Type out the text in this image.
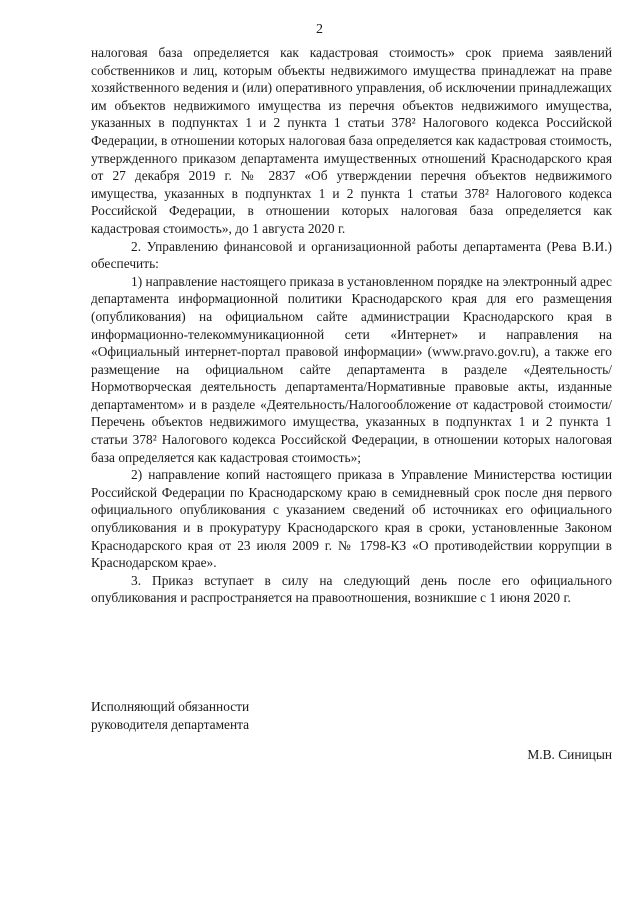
2

налоговая база определяется как кадастровая стоимость» срок приема заявлений собственников и лиц, которым объекты недвижимого имущества принадлежат на праве хозяйственного ведения и (или) оперативного управления, об исключении принадлежащих им объектов недвижимого имущества из перечня объектов недвижимого имущества, указанных в подпунктах 1 и 2 пункта 1 статьи 378² Налогового кодекса Российской Федерации, в отношении которых налоговая база определяется как кадастровая стоимость, утвержденного приказом департамента имущественных отношений Краснодарского края от 27 декабря 2019 г. № 2837 «Об утверждении перечня объектов недвижимого имущества, указанных в подпунктах 1 и 2 пункта 1 статьи 378² Налогового кодекса Российской Федерации, в отношении которых налоговая база определяется как кадастровая стоимость», до 1 августа 2020 г.

2. Управлению финансовой и организационной работы департамента (Рева В.И.) обеспечить:

1) направление настоящего приказа в установленном порядке на электронный адрес департамента информационной политики Краснодарского края для его размещения (опубликования) на официальном сайте администрации Краснодарского края в информационно-телекоммуникационной сети «Интернет» и направления на «Официальный интернет-портал правовой информации» (www.pravo.gov.ru), а также его размещение на официальном сайте департамента в разделе «Деятельность/Нормотворческая деятельность департамента/Нормативные правовые акты, изданные департаментом» и в разделе «Деятельность/Налогообложение от кадастровой стоимости/Перечень объектов недвижимого имущества, указанных в подпунктах 1 и 2 пункта 1 статьи 378² Налогового кодекса Российской Федерации, в отношении которых налоговая база определяется как кадастровая стоимость»;

2) направление копий настоящего приказа в Управление Министерства юстиции Российской Федерации по Краснодарскому краю в семидневный срок после дня первого официального опубликования с указанием сведений об источниках его официального опубликования и в прокуратуру Краснодарского края в сроки, установленные Законом Краснодарского края от 23 июля 2009 г. № 1798-КЗ «О противодействии коррупции в Краснодарском крае».

3. Приказ вступает в силу на следующий день после его официального опубликования и распространяется на правоотношения, возникшие с 1 июня 2020 г.

Исполняющий обязанности
руководителя департамента
М.В. Синицын
